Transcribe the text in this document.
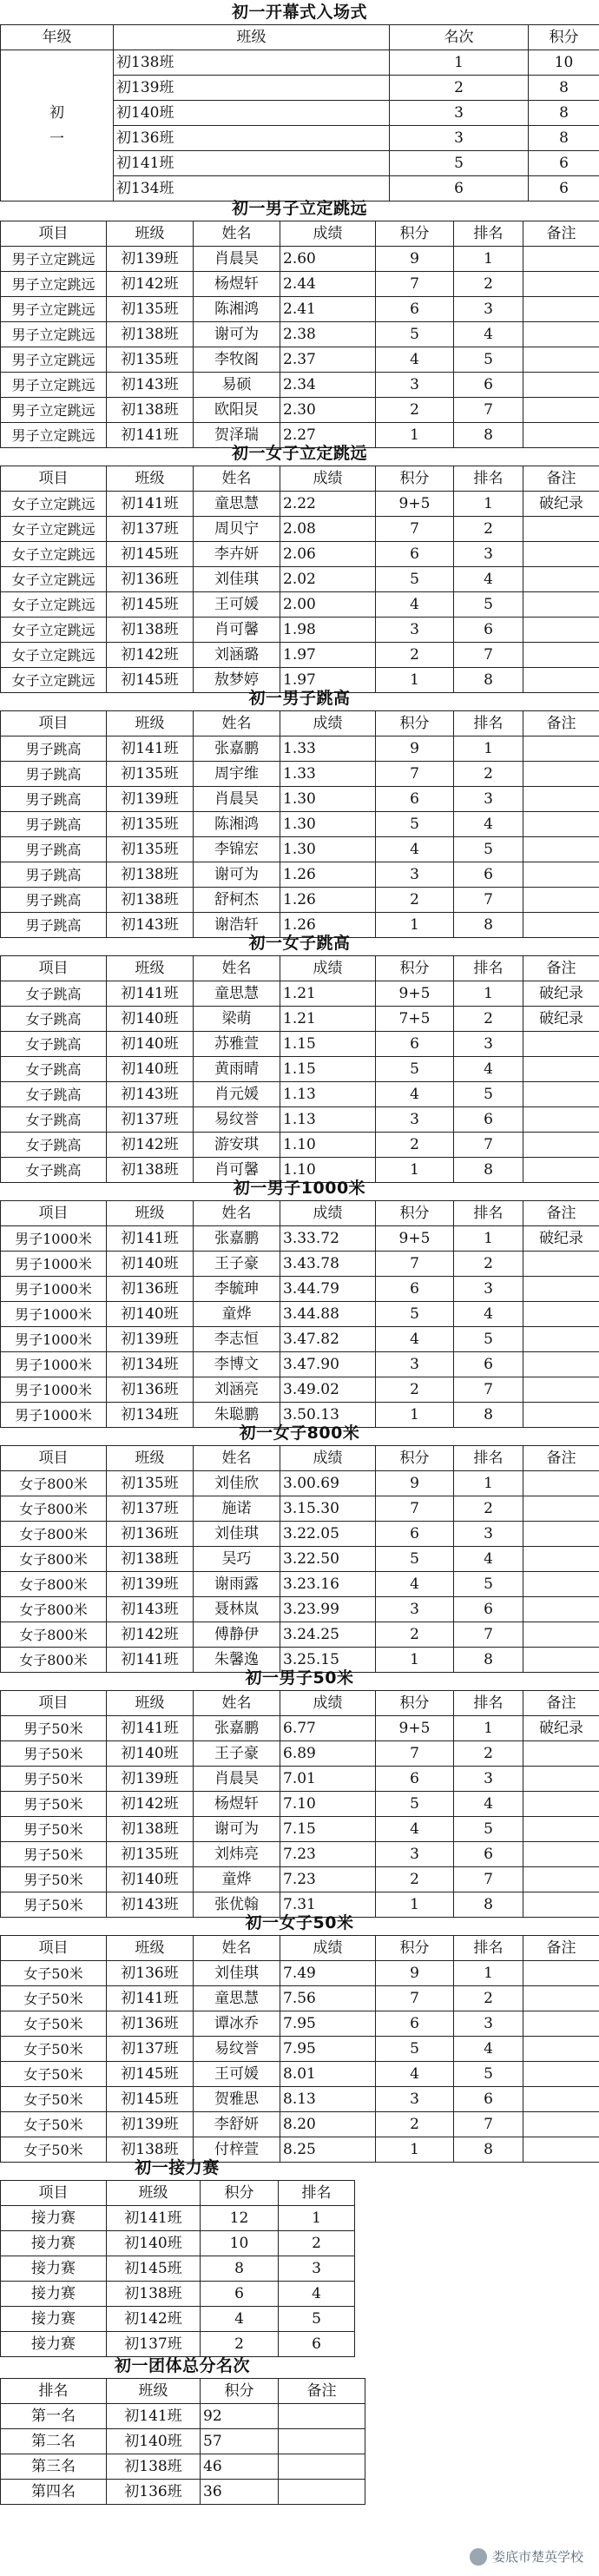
初一开幕式入场式
年级	班级	名次	积分
初
一	初138班	1	10
	初139班	2	8
	初140班	3	8
	初136班	3	8
	初141班	5	6
	初134班	6	6
初一男子立定跳远
项目	班级	姓名	成绩	积分	排名	备注
男子立定跳远	初139班	肖晨昊	2.60	9	1	
男子立定跳远	初142班	杨煜轩	2.44	7	2	
男子立定跳远	初135班	陈湘鸿	2.41	6	3	
男子立定跳远	初138班	谢可为	2.38	5	4	
男子立定跳远	初135班	李牧阁	2.37	4	5	
男子立定跳远	初143班	易硕	2.34	3	6	
男子立定跳远	初138班	欧阳炅	2.30	2	7	
男子立定跳远	初141班	贺泽瑞	2.27	1	8	
初一女子立定跳远
项目	班级	姓名	成绩	积分	排名	备注
女子立定跳远	初141班	童思慧	2.22	9+5	1	破纪录
女子立定跳远	初137班	周贝宁	2.08	7	2	
女子立定跳远	初145班	李卉妍	2.06	6	3	
女子立定跳远	初136班	刘佳琪	2.02	5	4	
女子立定跳远	初145班	王可媛	2.00	4	5	
女子立定跳远	初138班	肖可馨	1.98	3	6	
女子立定跳远	初142班	刘涵璐	1.97	2	7	
女子立定跳远	初145班	敖梦婷	1.97	1	8	
初一男子跳高
项目	班级	姓名	成绩	积分	排名	备注
男子跳高	初141班	张嘉鹏	1.33	9	1	
男子跳高	初135班	周宇维	1.33	7	2	
男子跳高	初139班	肖晨昊	1.30	6	3	
男子跳高	初135班	陈湘鸿	1.30	5	4	
男子跳高	初135班	李锦宏	1.30	4	5	
男子跳高	初138班	谢可为	1.26	3	6	
男子跳高	初138班	舒柯杰	1.26	2	7	
男子跳高	初143班	谢浩轩	1.26	1	8	
初一女子跳高
项目	班级	姓名	成绩	积分	排名	备注
女子跳高	初141班	童思慧	1.21	9+5	1	破纪录
女子跳高	初140班	梁萌	1.21	7+5	2	破纪录
女子跳高	初140班	苏雅萱	1.15	6	3	
女子跳高	初140班	黄雨晴	1.15	5	4	
女子跳高	初143班	肖元媛	1.13	4	5	
女子跳高	初137班	易纹誉	1.13	3	6	
女子跳高	初142班	游安琪	1.10	2	7	
女子跳高	初138班	肖可馨	1.10	1	8	
初一男子1000米
项目	班级	姓名	成绩	积分	排名	备注
男子1000米	初141班	张嘉鹏	3.33.72	9+5	1	破纪录
男子1000米	初140班	王子豪	3.43.78	7	2	
男子1000米	初136班	李毓珅	3.44.79	6	3	
男子1000米	初140班	童烨	3.44.88	5	4	
男子1000米	初139班	李志恒	3.47.82	4	5	
男子1000米	初134班	李博文	3.47.90	3	6	
男子1000米	初136班	刘涵亮	3.49.02	2	7	
男子1000米	初134班	朱聪鹏	3.50.13	1	8	
初一女子800米
项目	班级	姓名	成绩	积分	排名	备注
女子800米	初135班	刘佳欣	3.00.69	9	1	
女子800米	初137班	施诺	3.15.30	7	2	
女子800米	初136班	刘佳琪	3.22.05	6	3	
女子800米	初138班	吴巧	3.22.50	5	4	
女子800米	初139班	谢雨露	3.23.16	4	5	
女子800米	初143班	聂林岚	3.23.99	3	6	
女子800米	初142班	傅静伊	3.24.25	2	7	
女子800米	初141班	朱馨逸	3.25.15	1	8	
初一男子50米
项目	班级	姓名	成绩	积分	排名	备注
男子50米	初141班	张嘉鹏	6.77	9+5	1	破纪录
男子50米	初140班	王子豪	6.89	7	2	
男子50米	初139班	肖晨昊	7.01	6	3	
男子50米	初142班	杨煜轩	7.10	5	4	
男子50米	初138班	谢可为	7.15	4	5	
男子50米	初135班	刘炜亮	7.23	3	6	
男子50米	初140班	童烨	7.23	2	7	
男子50米	初143班	张优翰	7.31	1	8	
初一女子50米
项目	班级	姓名	成绩	积分	排名	备注
女子50米	初136班	刘佳琪	7.49	9	1	
女子50米	初141班	童思慧	7.56	7	2	
女子50米	初136班	谭冰乔	7.95	6	3	
女子50米	初137班	易纹誉	7.95	5	4	
女子50米	初145班	王可媛	8.01	4	5	
女子50米	初145班	贺雅思	8.13	3	6	
女子50米	初139班	李舒妍	8.20	2	7	
女子50米	初138班	付梓萱	8.25	1	8	
初一接力赛
项目	班级	积分	排名
接力赛	初141班	12	1
接力赛	初140班	10	2
接力赛	初145班	8	3
接力赛	初138班	6	4
接力赛	初142班	4	5
接力赛	初137班	2	6
初一团体总分名次
排名	班级	积分	备注
第一名	初141班	92	
第二名	初140班	57	
第三名	初138班	46	
第四名	初136班	36	
娄底市楚英学校
